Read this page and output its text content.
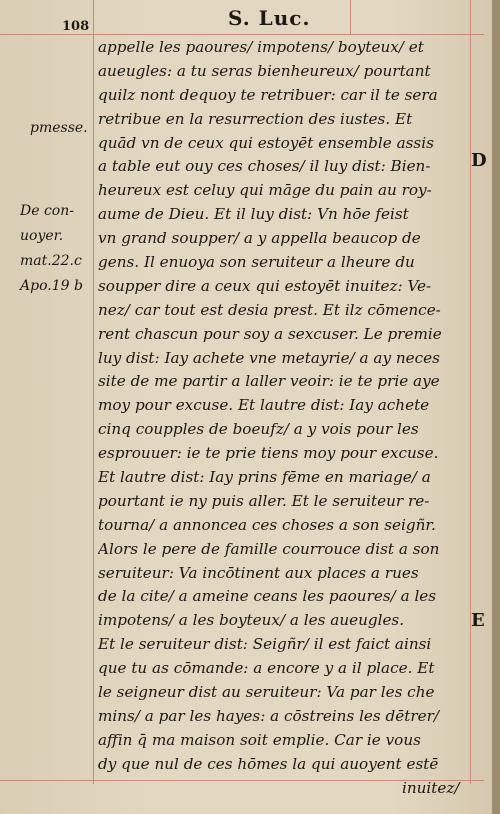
108	S. Luc.
appelle les paoures/ impotens/ boyteux/ et
aueugles: a tu seras bienheureux/ pourtant
quilz nont dequoy te retribuer: car il te sera
retribue en la resurrection des iustes. Et
quād vn de ceux qui estoyēt ensemble assis
a table eut ouy ces choses/ il luy dist: Bien-
heureux est celuy qui māge du pain au roy-
aume de Dieu. Et il luy dist: Vn hōe feist
vn grand soupper/ a y appella beaucop de
gens. Il enuoya son seruiteur a lheure du
soupper dire a ceux qui estoyēt inuitez: Ve-
nez/ car tout est desia prest. Et ilz cōmence-
rent chascun pour soy a sexcuser. Le premie
luy dist: Iay achete vne metayrie/ a ay neces
site de me partir a laller veoir: ie te prie aye
moy pour excuse. Et lautre dist: Iay achete
cinq coupples de boeufz/ a y vois pour les
esprouuer: ie te prie tiens moy pour excuse.
Et lautre dist: Iay prins fēme en mariage/ a
pourtant ie ny puis aller. Et le seruiteur re-
tourna/ a annoncea ces choses a son seigñr.
Alors le pere de famille courrouce dist a son
seruiteur: Va incōtinent aux places a rues
de la cite/ a ameine ceans les paoures/ a les
impotens/ a les boyteux/ a les aueugles.
Et le seruiteur dist: Seigñr/ il est faict ainsi
que tu as cōmande: a encore y a il place. Et
le seigneur dist au seruiteur: Va par les che
mins/ a par les hayes: a cōstreins les dētrer/
affin q̄ ma maison soit emplie. Car ie vous
dy que nul de ces hōmes la qui auoyent estē
inuitez/
pmesse.
De con-
uoyer.
mat.22.c
Apo.19 b
D
E
